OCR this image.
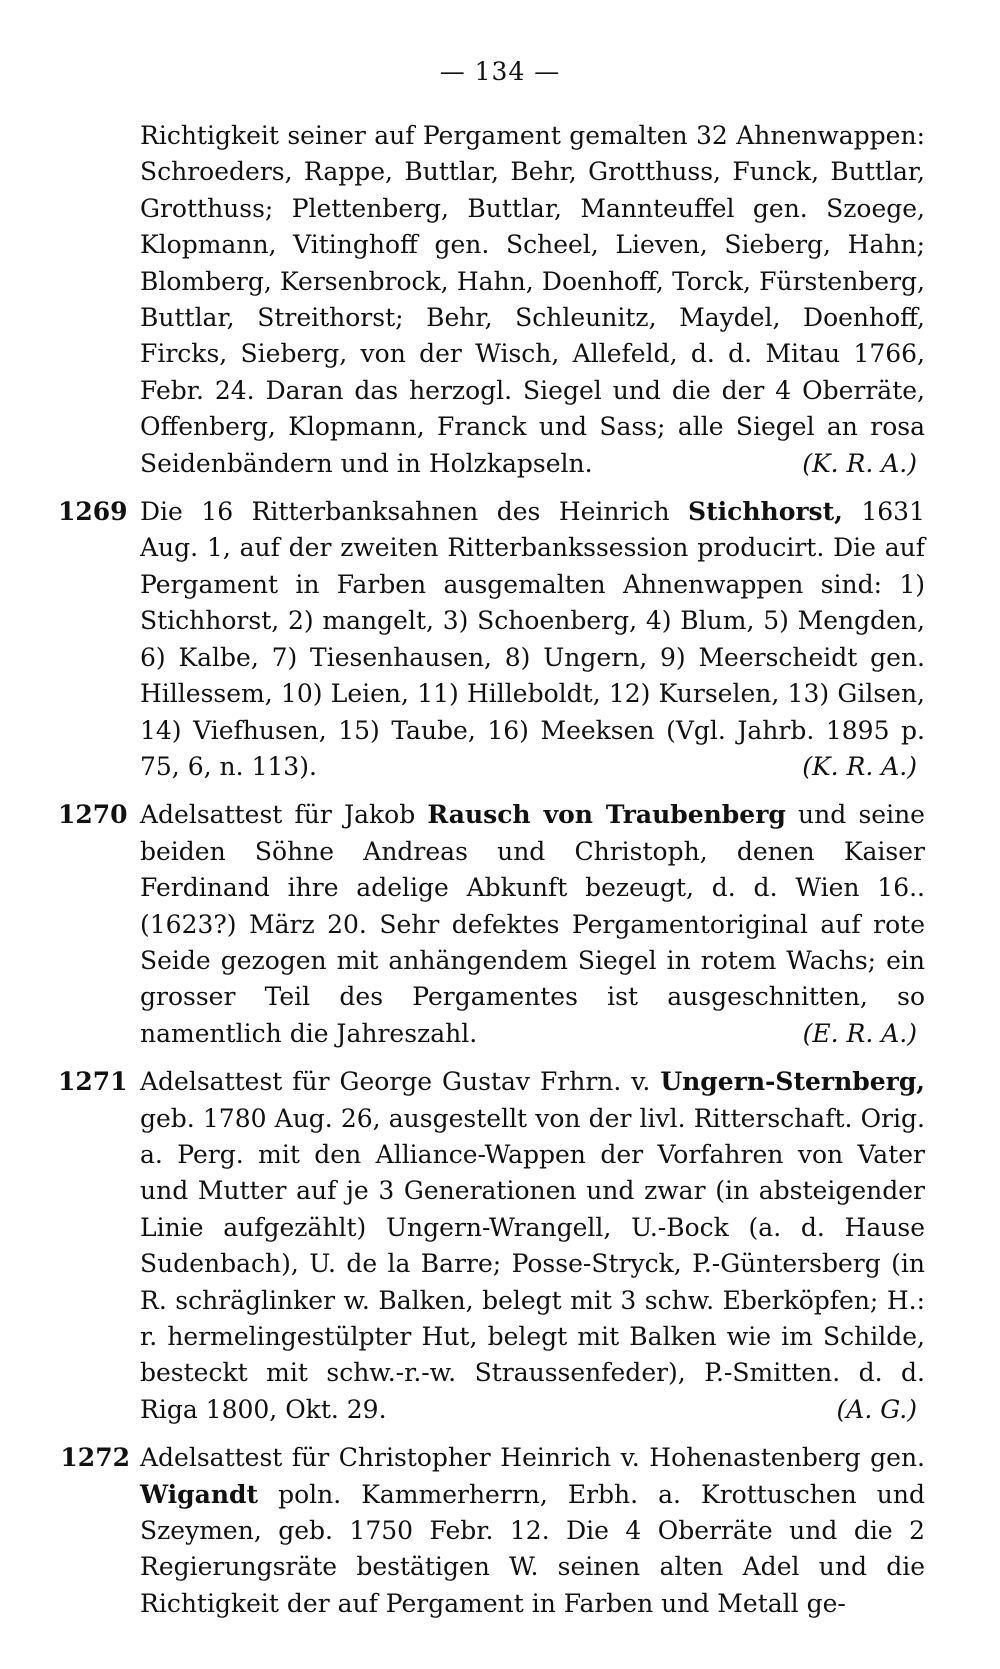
— 134 —

Richtigkeit seiner auf Pergament gemalten 32 Ahnenwappen: Schroeders, Rappe, Buttlar, Behr, Grotthuss, Funck, Buttlar, Grotthuss; Plettenberg, Buttlar, Mannteuffel gen. Szoege, Klopmann, Vitinghoff gen. Scheel, Lieven, Sieberg, Hahn; Blomberg, Kersenbrock, Hahn, Doenhoff, Torck, Fürstenberg, Buttlar, Streithorst; Behr, Schleunitz, Maydel, Doenhoff, Fircks, Sieberg, von der Wisch, Allefeld, d. d. Mitau 1766, Febr. 24. Daran das herzogl. Siegel und die der 4 Oberräte, Offenberg, Klopmann, Franck und Sass; alle Siegel an rosa Seidenbändern und in Holzkapseln.	(K. R. A.)

1269 Die 16 Ritterbanksahnen des Heinrich Stichhorst, 1631 Aug. 1, auf der zweiten Ritterbankssession producirt. Die auf Pergament in Farben ausgemalten Ahnenwappen sind: 1) Stichhorst, 2) mangelt, 3) Schoenberg, 4) Blum, 5) Mengden, 6) Kalbe, 7) Tiesenhausen, 8) Ungern, 9) Meerscheidt gen. Hillessem, 10) Leien, 11) Hilleboldt, 12) Kurselen, 13) Gilsen, 14) Viefhusen, 15) Taube, 16) Meeksen (Vgl. Jahrb. 1895 p. 75, 6, n. 113).	(K. R. A.)

1270 Adelsattest für Jakob Rausch von Traubenberg und seine beiden Söhne Andreas und Christoph, denen Kaiser Ferdinand ihre adelige Abkunft bezeugt, d. d. Wien 16.. (1623?) März 20. Sehr defektes Pergamentoriginal auf rote Seide gezogen mit anhängendem Siegel in rotem Wachs; ein grosser Teil des Pergamentes ist ausgeschnitten, so namentlich die Jahreszahl.	(E. R. A.)

1271 Adelsattest für George Gustav Frhrn. v. Ungern-Sternberg, geb. 1780 Aug. 26, ausgestellt von der livl. Ritterschaft. Orig. a. Perg. mit den Alliance-Wappen der Vorfahren von Vater und Mutter auf je 3 Generationen und zwar (in absteigender Linie aufgezählt) Ungern-Wrangell, U.-Bock (a. d. Hause Sudenbach), U. de la Barre; Posse-Stryck, P.-Güntersberg (in R. schräglinker w. Balken, belegt mit 3 schw. Eberköpfen; H.: r. hermelingestülpter Hut, belegt mit Balken wie im Schilde, besteckt mit schw.-r.-w. Straussenfeder), P.-Smitten. d. d. Riga 1800, Okt. 29.	(A. G.)

1272 Adelsattest für Christopher Heinrich v. Hohenastenberg gen. Wigandt poln. Kammerherrn, Erbh. a. Krottuschen und Szeymen, geb. 1750 Febr. 12. Die 4 Oberräte und die 2 Regierungsräte bestätigen W. seinen alten Adel und die Richtigkeit der auf Pergament in Farben und Metall ge-
